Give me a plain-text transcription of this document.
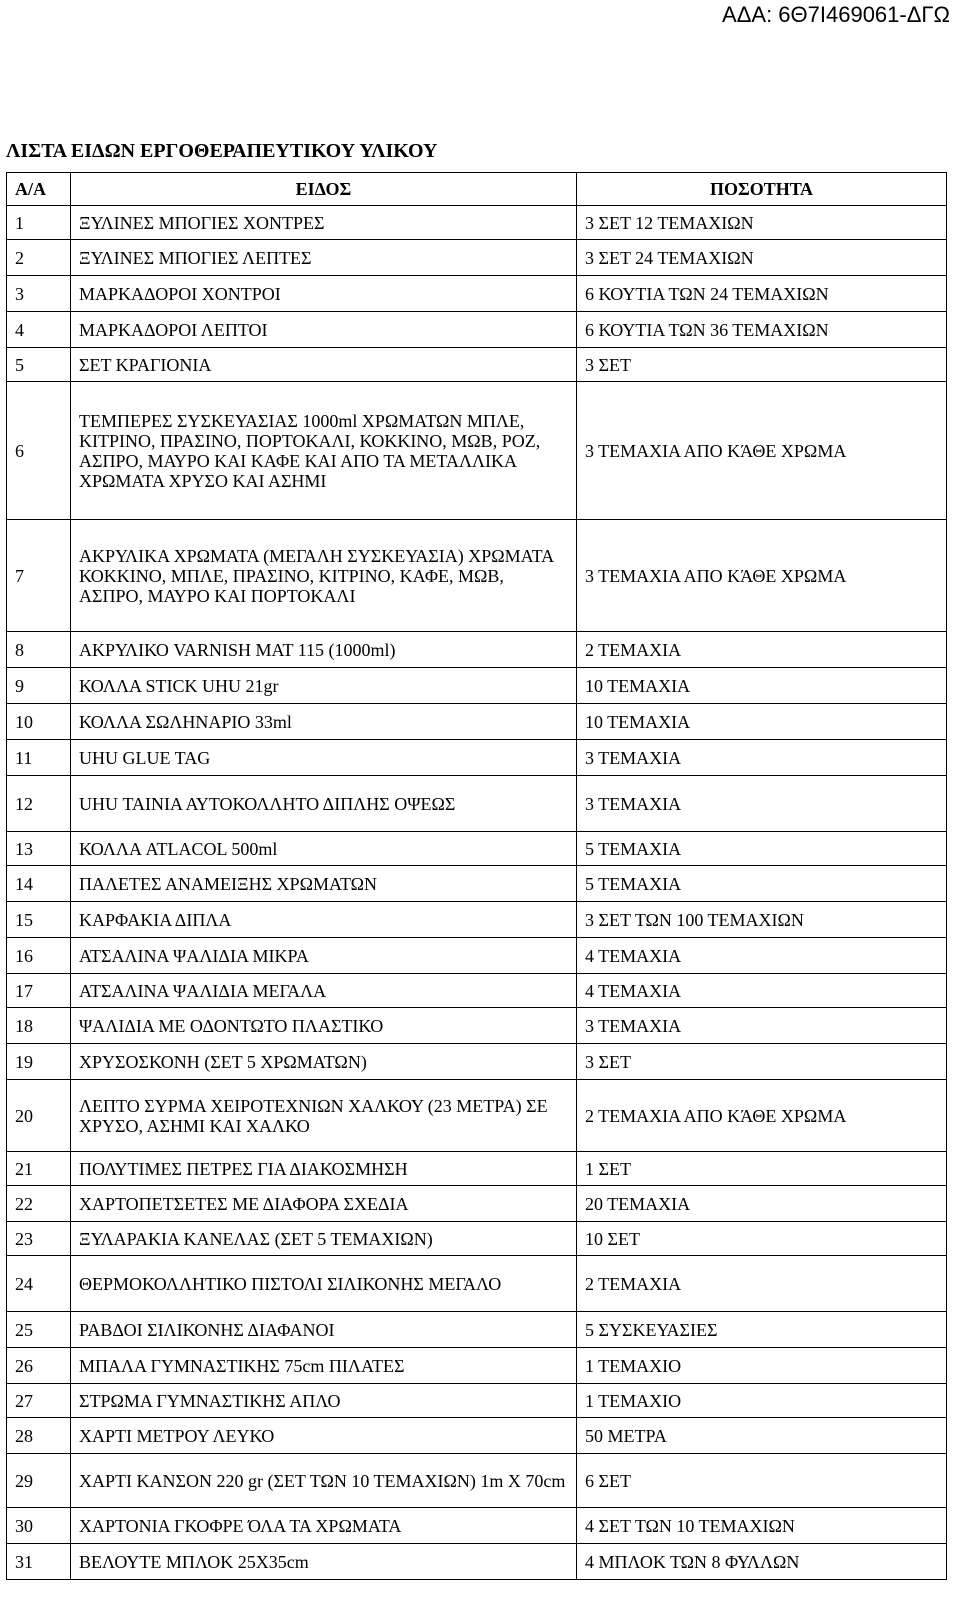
ΑΔΑ: 6Θ7Ι469061-ΔΓΩ
ΛΙΣΤΑ ΕΙΔΩΝ ΕΡΓΟΘΕΡΑΠΕΥΤΙΚΟΥ ΥΛΙΚΟΥ
Α/Α	ΕΙΔΟΣ	ΠΟΣΟΤΗΤΑ
1	ΞΥΛΙΝΕΣ ΜΠΟΓΙΕΣ ΧΟΝΤΡΕΣ	3 ΣΕΤ 12 ΤΕΜΑΧΙΩΝ
2	ΞΥΛΙΝΕΣ ΜΠΟΓΙΕΣ ΛΕΠΤΕΣ	3 ΣΕΤ 24 ΤΕΜΑΧΙΩΝ
3	ΜΑΡΚΑΔΟΡΟΙ ΧΟΝΤΡΟΙ	6 ΚΟΥΤΙΑ ΤΩΝ 24 ΤΕΜΑΧΙΩΝ
4	ΜΑΡΚΑΔΟΡΟΙ ΛΕΠΤΟΙ	6 ΚΟΥΤΙΑ ΤΩΝ 36 ΤΕΜΑΧΙΩΝ
5	ΣΕΤ ΚΡΑΓΙΟΝΙΑ	3 ΣΕΤ
6	ΤΕΜΠΕΡΕΣ ΣΥΣΚΕΥΑΣΙΑΣ 1000ml ΧΡΩΜΑΤΩΝ ΜΠΛΕ, ΚΙΤΡΙΝΟ, ΠΡΑΣΙΝΟ, ΠΟΡΤΟΚΑΛΙ, ΚΟΚΚΙΝΟ, ΜΩΒ, ΡΟΖ, ΑΣΠΡΟ, ΜΑΥΡΟ ΚΑΙ ΚΑΦΕ ΚΑΙ ΑΠΟ ΤΑ ΜΕΤΑΛΛΙΚΑ ΧΡΩΜΑΤΑ ΧΡΥΣΟ ΚΑΙ ΑΣΗΜΙ	3 ΤΕΜΑΧΙΑ ΑΠΟ ΚΆΘΕ ΧΡΩΜΑ
7	ΑΚΡΥΛΙΚΑ ΧΡΩΜΑΤΑ (ΜΕΓΑΛΗ ΣΥΣΚΕΥΑΣΙΑ) ΧΡΩΜΑΤΑ ΚΟΚΚΙΝΟ, ΜΠΛΕ, ΠΡΑΣΙΝΟ, ΚΙΤΡΙΝΟ, ΚΑΦΕ, ΜΩΒ, ΑΣΠΡΟ, ΜΑΥΡΟ ΚΑΙ ΠΟΡΤΟΚΑΛΙ	3 ΤΕΜΑΧΙΑ ΑΠΟ ΚΆΘΕ ΧΡΩΜΑ
8	ΑΚΡΥΛΙΚΟ VARNISH MAT 115 (1000ml)	2 ΤΕΜΑΧΙΑ
9	ΚΟΛΛΑ STICK UHU 21gr	10 ΤΕΜΑΧΙΑ
10	ΚΟΛΛΑ ΣΩΛΗΝΑΡΙΟ 33ml	10 ΤΕΜΑΧΙΑ
11	UHU GLUE TAG	3 ΤΕΜΑΧΙΑ
12	UHU ΤΑΙΝΙΑ ΑΥΤΟΚΟΛΛΗΤΟ ΔΙΠΛΗΣ ΟΨΕΩΣ	3 ΤΕΜΑΧΙΑ
13	ΚΟΛΛΑ ATLACOL 500ml	5 ΤΕΜΑΧΙΑ
14	ΠΑΛΕΤΕΣ ΑΝΑΜΕΙΞΗΣ ΧΡΩΜΑΤΩΝ	5 ΤΕΜΑΧΙΑ
15	ΚΑΡΦΑΚΙΑ ΔΙΠΛΑ	3 ΣΕΤ ΤΩΝ 100 ΤΕΜΑΧΙΩΝ
16	ΑΤΣΑΛΙΝΑ ΨΑΛΙΔΙΑ ΜΙΚΡΑ	4 ΤΕΜΑΧΙΑ
17	ΑΤΣΑΛΙΝΑ ΨΑΛΙΔΙΑ ΜΕΓΑΛΑ	4 ΤΕΜΑΧΙΑ
18	ΨΑΛΙΔΙΑ ΜΕ ΟΔΟΝΤΩΤΟ ΠΛΑΣΤΙΚΟ	3 ΤΕΜΑΧΙΑ
19	ΧΡΥΣΟΣΚΟΝΗ (ΣΕΤ 5 ΧΡΩΜΑΤΩΝ)	3 ΣΕΤ
20	ΛΕΠΤΟ ΣΥΡΜΑ ΧΕΙΡΟΤΕΧΝΙΩΝ ΧΑΛΚΟΥ (23 ΜΕΤΡΑ) ΣΕ ΧΡΥΣΟ, ΑΣΗΜΙ ΚΑΙ ΧΑΛΚΟ	2 ΤΕΜΑΧΙΑ ΑΠΟ ΚΆΘΕ ΧΡΩΜΑ
21	ΠΟΛΥΤΙΜΕΣ ΠΕΤΡΕΣ ΓΙΑ ΔΙΑΚΟΣΜΗΣΗ	1 ΣΕΤ
22	ΧΑΡΤΟΠΕΤΣΕΤΕΣ ΜΕ ΔΙΑΦΟΡΑ ΣΧΕΔΙΑ	20 ΤΕΜΑΧΙΑ
23	ΞΥΛΑΡΑΚΙΑ ΚΑΝΕΛΑΣ (ΣΕΤ 5 ΤΕΜΑΧΙΩΝ)	10 ΣΕΤ
24	ΘΕΡΜΟΚΟΛΛΗΤΙΚΟ ΠΙΣΤΟΛΙ ΣΙΛΙΚΟΝΗΣ ΜΕΓΑΛΟ	2 ΤΕΜΑΧΙΑ
25	ΡΑΒΔΟΙ ΣΙΛΙΚΟΝΗΣ ΔΙΑΦΑΝΟΙ	5 ΣΥΣΚΕΥΑΣΙΕΣ
26	ΜΠΑΛΑ ΓΥΜΝΑΣΤΙΚΗΣ 75cm ΠΙΛΑΤΕΣ	1 ΤΕΜΑΧΙΟ
27	ΣΤΡΩΜΑ ΓΥΜΝΑΣΤΙΚΗΣ ΑΠΛΟ	1 ΤΕΜΑΧΙΟ
28	ΧΑΡΤΙ ΜΕΤΡΟΥ ΛΕΥΚΟ	50 ΜΕΤΡΑ
29	ΧΑΡΤΙ ΚΑΝΣΟΝ 220 gr (ΣΕΤ ΤΩΝ 10 ΤΕΜΑΧΙΩΝ) 1m X 70cm	6 ΣΕΤ
30	ΧΑΡΤΟΝΙΑ ΓΚΟΦΡΕ ΌΛΑ ΤΑ ΧΡΩΜΑΤΑ	4 ΣΕΤ ΤΩΝ 10 ΤΕΜΑΧΙΩΝ
31	ΒΕΛΟΥΤΕ ΜΠΛΟΚ 25Χ35cm	4 ΜΠΛΟΚ ΤΩΝ 8 ΦΥΛΛΩΝ
